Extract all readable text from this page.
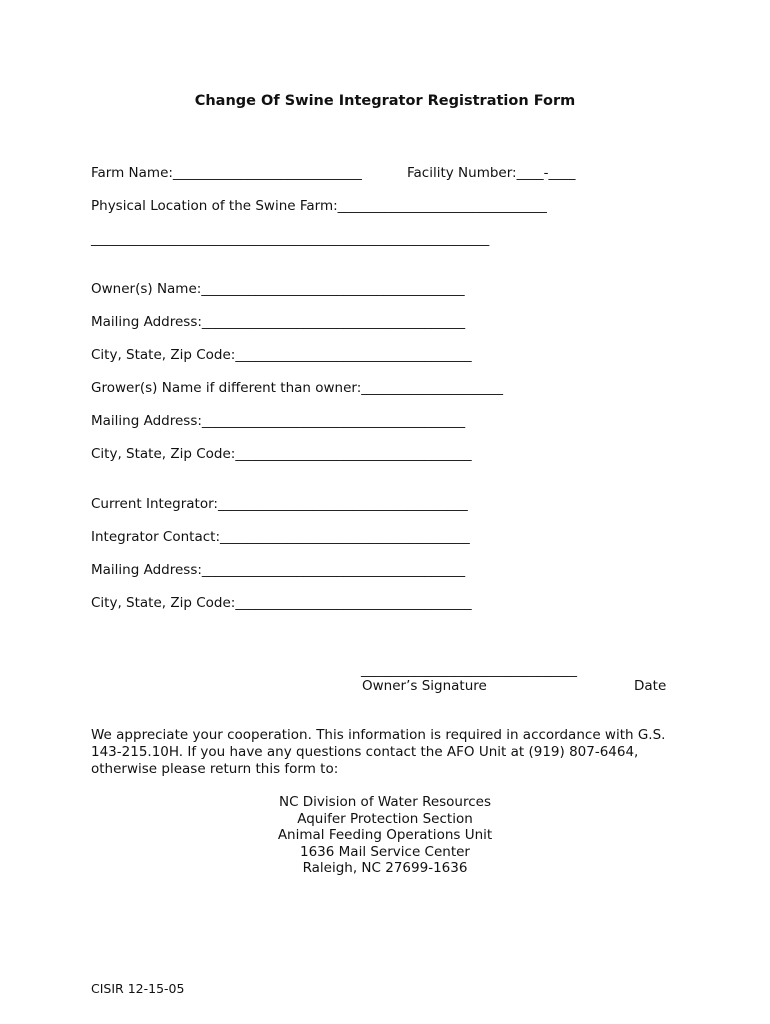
Change Of Swine Integrator Registration Form
Farm Name:____________________________	Facility Number:____-____
Physical Location of the Swine Farm:_______________________________
___________________________________________________________
Owner(s) Name:_______________________________________
Mailing Address:_______________________________________
City, State, Zip Code:___________________________________
Grower(s) Name if different than owner:_____________________
Mailing Address:_______________________________________
City, State, Zip Code:___________________________________
Current Integrator:_____________________________________
Integrator Contact:_____________________________________
Mailing Address:_______________________________________
City, State, Zip Code:___________________________________
________________________________
Owner’s Signature	Date
We appreciate your cooperation. This information is required in accordance with G.S. 143-215.10H. If you have any questions contact the AFO Unit at (919) 807-6464, otherwise please return this form to:
NC Division of Water Resources
Aquifer Protection Section
Animal Feeding Operations Unit
1636 Mail Service Center
Raleigh, NC 27699-1636
CISIR 12-15-05
